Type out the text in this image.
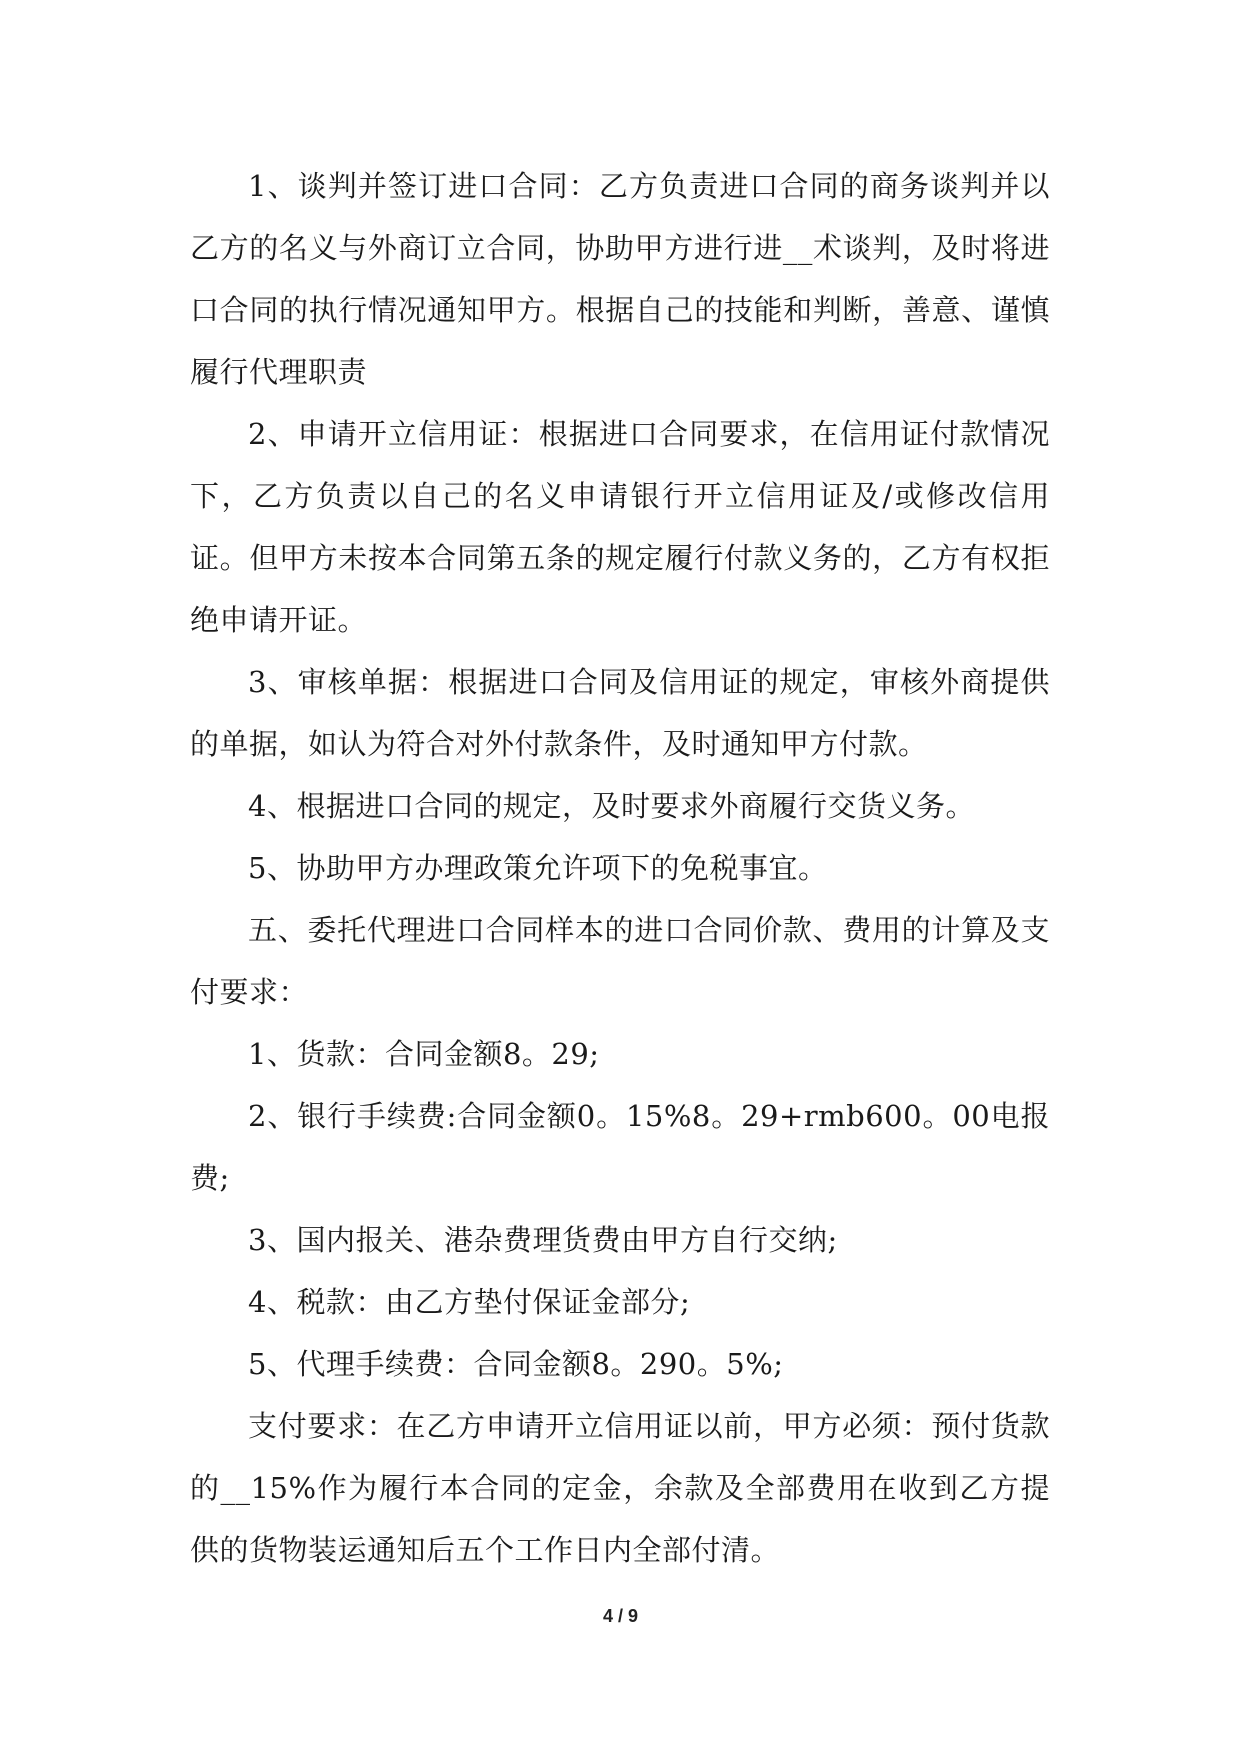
1、谈判并签订进口合同：乙方负责进口合同的商务谈判并以乙方的名义与外商订立合同，协助甲方进行进__术谈判，及时将进口合同的执行情况通知甲方。根据自己的技能和判断，善意、谨慎履行代理职责

2、申请开立信用证：根据进口合同要求，在信用证付款情况下，乙方负责以自己的名义申请银行开立信用证及/或修改信用证。但甲方未按本合同第五条的规定履行付款义务的，乙方有权拒绝申请开证。

3、审核单据：根据进口合同及信用证的规定，审核外商提供的单据，如认为符合对外付款条件，及时通知甲方付款。

4、根据进口合同的规定，及时要求外商履行交货义务。

5、协助甲方办理政策允许项下的免税事宜。

五、委托代理进口合同样本的进口合同价款、费用的计算及支付要求：

1、货款：合同金额8。29;

2、银行手续费:合同金额0。15%8。29+rmb600。00电报费;

3、国内报关、港杂费理货费由甲方自行交纳;

4、税款：由乙方垫付保证金部分;

5、代理手续费：合同金额8。290。5%;

支付要求：在乙方申请开立信用证以前，甲方必须：预付货款的__15%作为履行本合同的定金，余款及全部费用在收到乙方提供的货物装运通知后五个工作日内全部付清。

4 / 9
